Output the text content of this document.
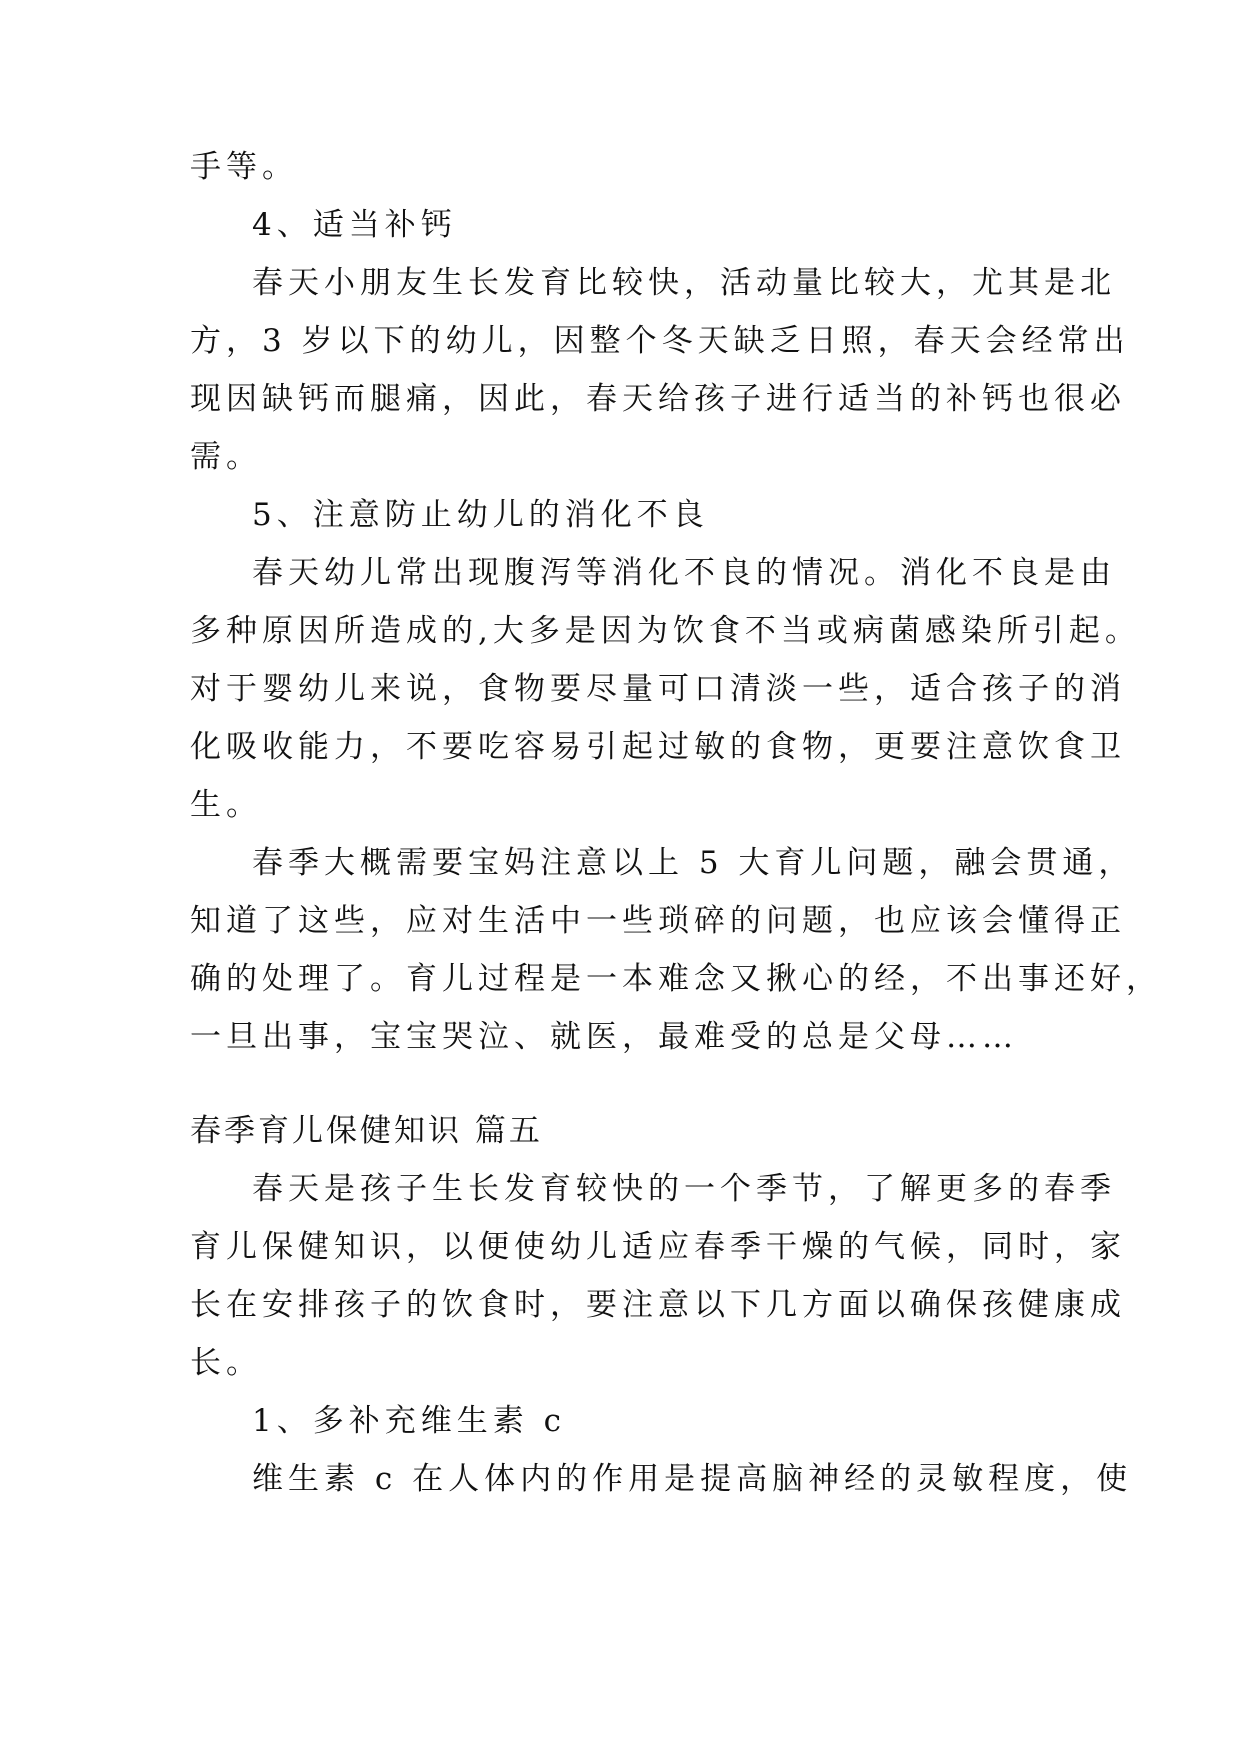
手等。
4、适当补钙
春天小朋友生长发育比较快，活动量比较大，尤其是北
方，3 岁以下的幼儿，因整个冬天缺乏日照，春天会经常出
现因缺钙而腿痛，因此，春天给孩子进行适当的补钙也很必
需。
5、注意防止幼儿的消化不良
春天幼儿常出现腹泻等消化不良的情况。消化不良是由
多种原因所造成的,大多是因为饮食不当或病菌感染所引起。
对于婴幼儿来说，食物要尽量可口清淡一些，适合孩子的消
化吸收能力，不要吃容易引起过敏的食物，更要注意饮食卫
生。
春季大概需要宝妈注意以上 5 大育儿问题，融会贯通，
知道了这些，应对生活中一些琐碎的问题，也应该会懂得正
确的处理了。育儿过程是一本难念又揪心的经，不出事还好，
一旦出事，宝宝哭泣、就医，最难受的总是父母……
春季育儿保健知识 篇五
春天是孩子生长发育较快的一个季节，了解更多的春季
育儿保健知识，以便使幼儿适应春季干燥的气候，同时，家
长在安排孩子的饮食时，要注意以下几方面以确保孩健康成
长。
1、多补充维生素 c
维生素 c 在人体内的作用是提高脑神经的灵敏程度，使
